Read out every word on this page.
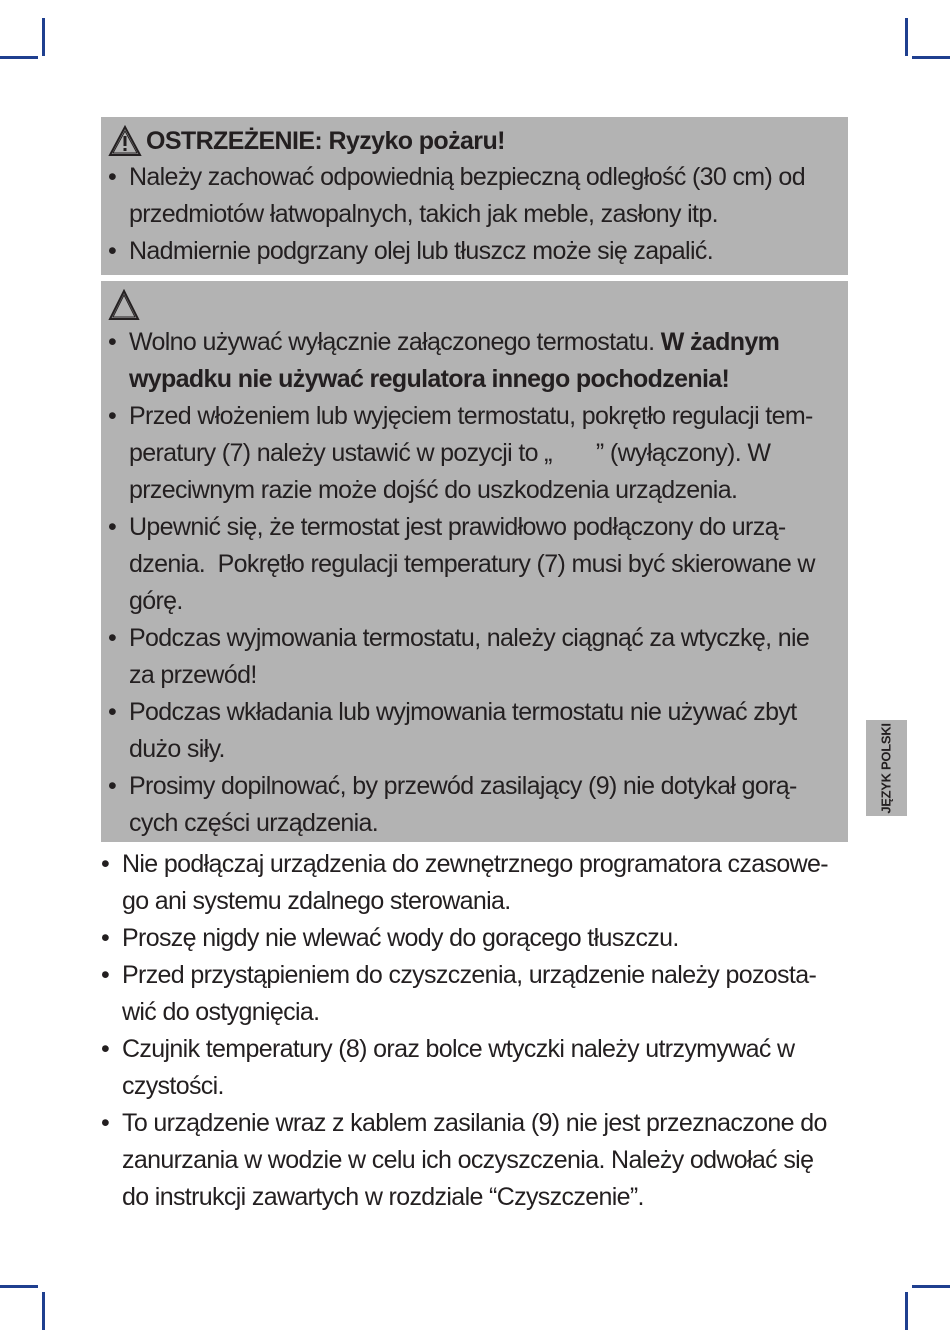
OSTRZEŻENIE: Ryzyko pożaru!
• Należy zachować odpowiednią bezpieczną odległość (30 cm) od
przedmiotów łatwopalnych, takich jak meble, zasłony itp.
• Nadmiernie podgrzany olej lub tłuszcz może się zapalić.
• Wolno używać wyłącznie załączonego termostatu. W żadnym
wypadku nie używać regulatora innego pochodzenia!
• Przed włożeniem lub wyjęciem termostatu, pokrętło regulacji tem-
peratury (7) należy ustawić w pozycji to „       ” (wyłączony). W
przeciwnym razie może dojść do uszkodzenia urządzenia.
• Upewnić się, że termostat jest prawidłowo podłączony do urzą-
dzenia.  Pokrętło regulacji temperatury (7) musi być skierowane w
górę.
• Podczas wyjmowania termostatu, należy ciągnąć za wtyczkę, nie
za przewód!
• Podczas wkładania lub wyjmowania termostatu nie używać zbyt
dużo siły.
• Prosimy dopilnować, by przewód zasilający (9) nie dotykał gorą-
cych części urządzenia.
• Nie podłączaj urządzenia do zewnętrznego programatora czasowe-
go ani systemu zdalnego sterowania.
• Proszę nigdy nie wlewać wody do gorącego tłuszczu.
• Przed przystąpieniem do czyszczenia, urządzenie należy pozosta-
wić do ostygnięcia.
• Czujnik temperatury (8) oraz bolce wtyczki należy utrzymywać w
czystości.
• To urządzenie wraz z kablem zasilania (9) nie jest przeznaczone do
zanurzania w wodzie w celu ich oczyszczenia. Należy odwołać się
do instrukcji zawartych w rozdziale “Czyszczenie”.
JĘZYK POLSKI
